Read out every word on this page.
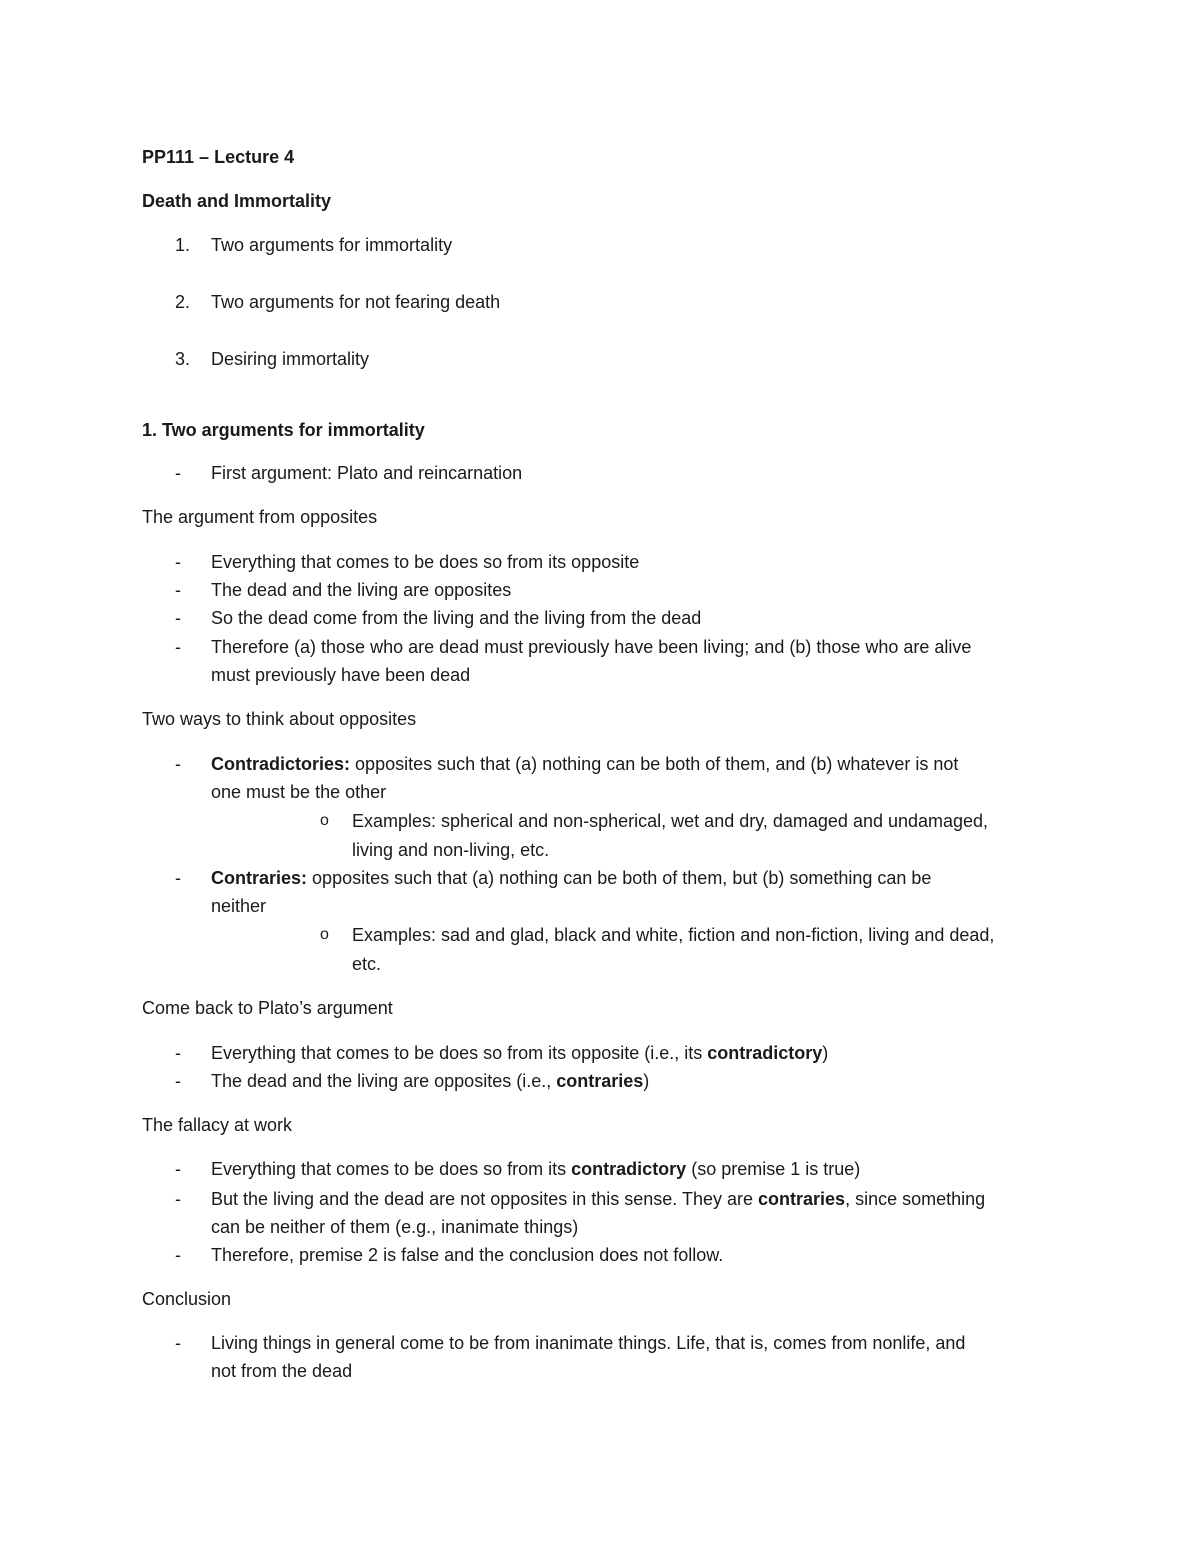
PP111 – Lecture 4
Death and Immortality
1. Two arguments for immortality
2. Two arguments for not fearing death
3. Desiring immortality
1. Two arguments for immortality
- First argument: Plato and reincarnation
The argument from opposites
- Everything that comes to be does so from its opposite
- The dead and the living are opposites
- So the dead come from the living and the living from the dead
- Therefore (a) those who are dead must previously have been living; and (b) those who are alive
must previously have been dead
Two ways to think about opposites
- Contradictories: opposites such that (a) nothing can be both of them, and (b) whatever is not
one must be the other
o Examples: spherical and non-spherical, wet and dry, damaged and undamaged,
living and non-living, etc.
- Contraries: opposites such that (a) nothing can be both of them, but (b) something can be
neither
o Examples: sad and glad, black and white, fiction and non-fiction, living and dead,
etc.
Come back to Plato’s argument
- Everything that comes to be does so from its opposite (i.e., its contradictory)
- The dead and the living are opposites (i.e., contraries)
The fallacy at work
- Everything that comes to be does so from its contradictory (so premise 1 is true)
- But the living and the dead are not opposites in this sense. They are contraries, since something
can be neither of them (e.g., inanimate things)
- Therefore, premise 2 is false and the conclusion does not follow.
Conclusion
- Living things in general come to be from inanimate things. Life, that is, comes from nonlife, and
not from the dead
